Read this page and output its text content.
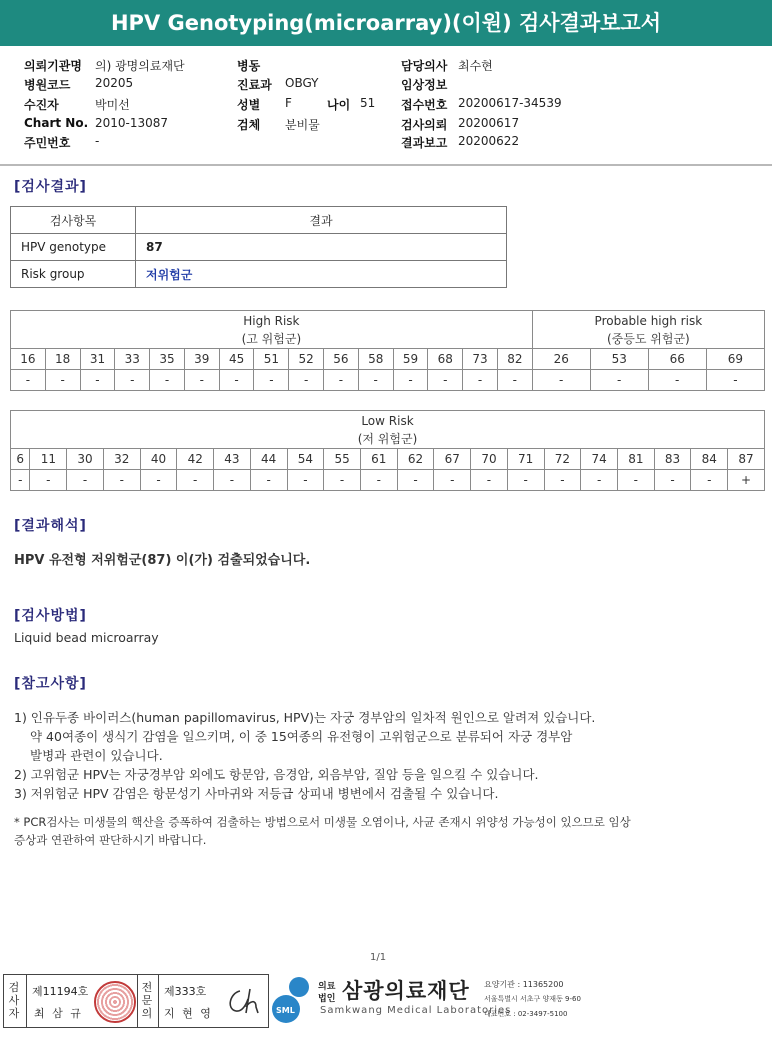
HPV Genotyping(microarray)(이원) 검사결과보고서
의뢰기관명 의) 광명의료재단
병원코드 20205
수진자	박미선
Chart No. 2010-13087
주민번호 -
병동
진료과 OBGY
성별 F	나이 51
검체 분비물
담당의사 최수현
임상정보
접수번호 20200617-34539
검사의뢰 20200617
결과보고 20200622
[검사결과]
검사항목	결과
HPV genotype	87
Risk group	저위험군
High Risk
(고 위험군)															Probable high risk
(중등도 위험군)			
16	18	31	33	35	39	45	51	52	56	58	59	68	73	82	26	53	66	69
-	-	-	-	-	-	-	-	-	-	-	-	-	-	-	-	-	-	-
Low Risk
(저 위험군)																				
6	11	30	32	40	42	43	44	54	55	61	62	67	70	71	72	74	81	83	84	87
-	-	-	-	-	-	-	-	-	-	-	-	-	-	-	-	-	-	-	-	+
[결과해석]
HPV 유전형 저위험군(87) 이(가) 검출되었습니다.
[검사방법]
Liquid bead microarray
[참고사항]
1) 인유두종 바이러스(human papillomavirus, HPV)는 자궁 경부암의 일차적 원인으로 알려져 있습니다.
약 40여종이 생식기 감염을 일으키며, 이 중 15여종의 유전형이 고위험군으로 분류되어 자궁 경부암
발병과 관련이 있습니다.
2) 고위험군 HPV는 자궁경부암 외에도 항문암, 음경암, 외음부암, 질암 등을 일으킬 수 있습니다.
3) 저위험군 HPV 감염은 항문성기 사마귀와 저등급 상피내 병변에서 검출될 수 있습니다.
* PCR검사는 미생물의 핵산을 증폭하여 검출하는 방법으로서 미생물 오염이나, 사균 존재시 위양성 가능성이 있으므로 임상
증상과 연관하여 판단하시기 바랍니다.
1/1
검
사
자
제11194호
최 삼 규
전
문
의
제333호
지 현 영	SML
의료
법인 삼광의료재단
Samkwang Medical Laboratories
요양기관 : 11365200
서울특별시 서초구 양재동 9-60
대표번호 : 02-3497-5100
